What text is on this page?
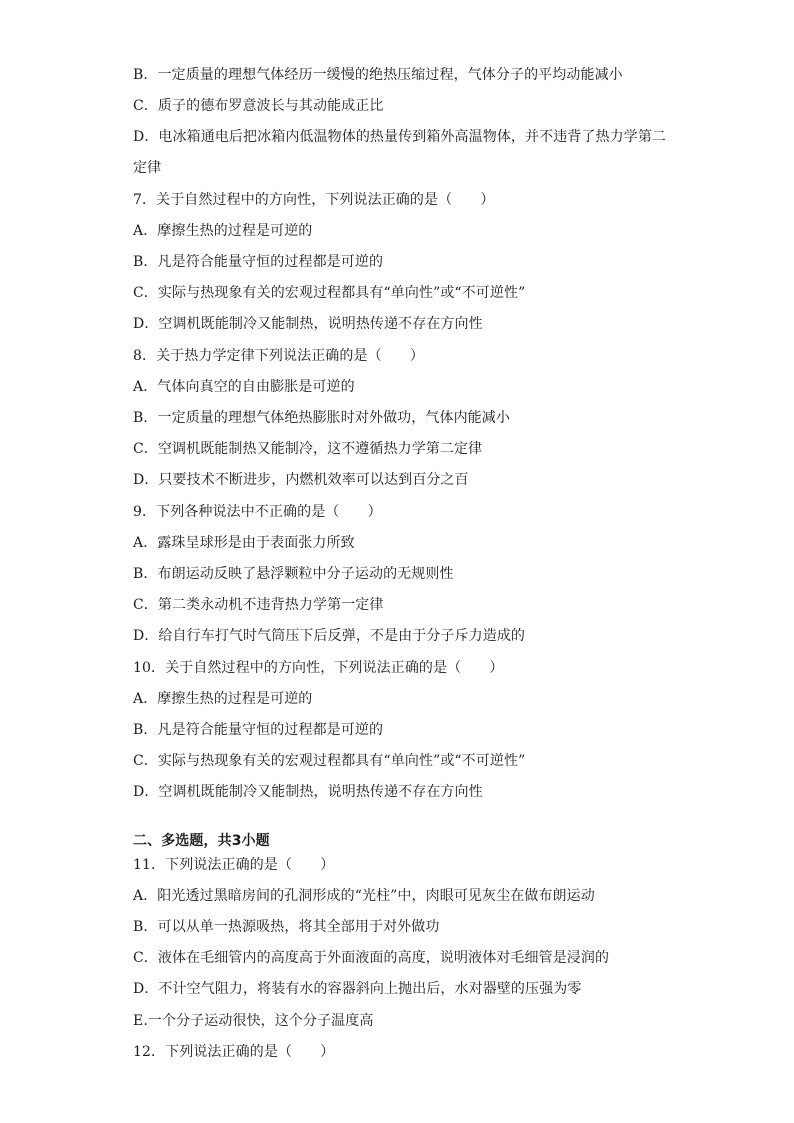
B．一定质量的理想气体经历一缓慢的绝热压缩过程，气体分子的平均动能减小
C．质子的德布罗意波长与其动能成正比
D．电冰箱通电后把冰箱内低温物体的热量传到箱外高温物体，并不违背了热力学第二
定律
7．关于自然过程中的方向性，下列说法正确的是（　　）
A．摩擦生热的过程是可逆的
B．凡是符合能量守恒的过程都是可逆的
C．实际与热现象有关的宏观过程都具有“单向性”或“不可逆性”
D．空调机既能制冷又能制热，说明热传递不存在方向性
8．关于热力学定律下列说法正确的是（　　）
A．气体向真空的自由膨胀是可逆的
B．一定质量的理想气体绝热膨胀时对外做功，气体内能减小
C．空调机既能制热又能制冷，这不遵循热力学第二定律
D．只要技术不断进步，内燃机效率可以达到百分之百
9．下列各种说法中不正确的是（　　）
A．露珠呈球形是由于表面张力所致
B．布朗运动反映了悬浮颗粒中分子运动的无规则性
C．第二类永动机不违背热力学第一定律
D．给自行车打气时气筒压下后反弹，不是由于分子斥力造成的
10．关于自然过程中的方向性，下列说法正确的是（　　）
A．摩擦生热的过程是可逆的
B．凡是符合能量守恒的过程都是可逆的
C．实际与热现象有关的宏观过程都具有“单向性”或“不可逆性”
D．空调机既能制冷又能制热，说明热传递不存在方向性
二、多选题，共3小题
11．下列说法正确的是（　　）
A．阳光透过黑暗房间的孔洞形成的“光柱”中，肉眼可见灰尘在做布朗运动
B．可以从单一热源吸热，将其全部用于对外做功
C．液体在毛细管内的高度高于外面液面的高度，说明液体对毛细管是浸润的
D．不计空气阻力，将装有水的容器斜向上抛出后，水对器壁的压强为零
E.一个分子运动很快，这个分子温度高
12．下列说法正确的是（　　）
